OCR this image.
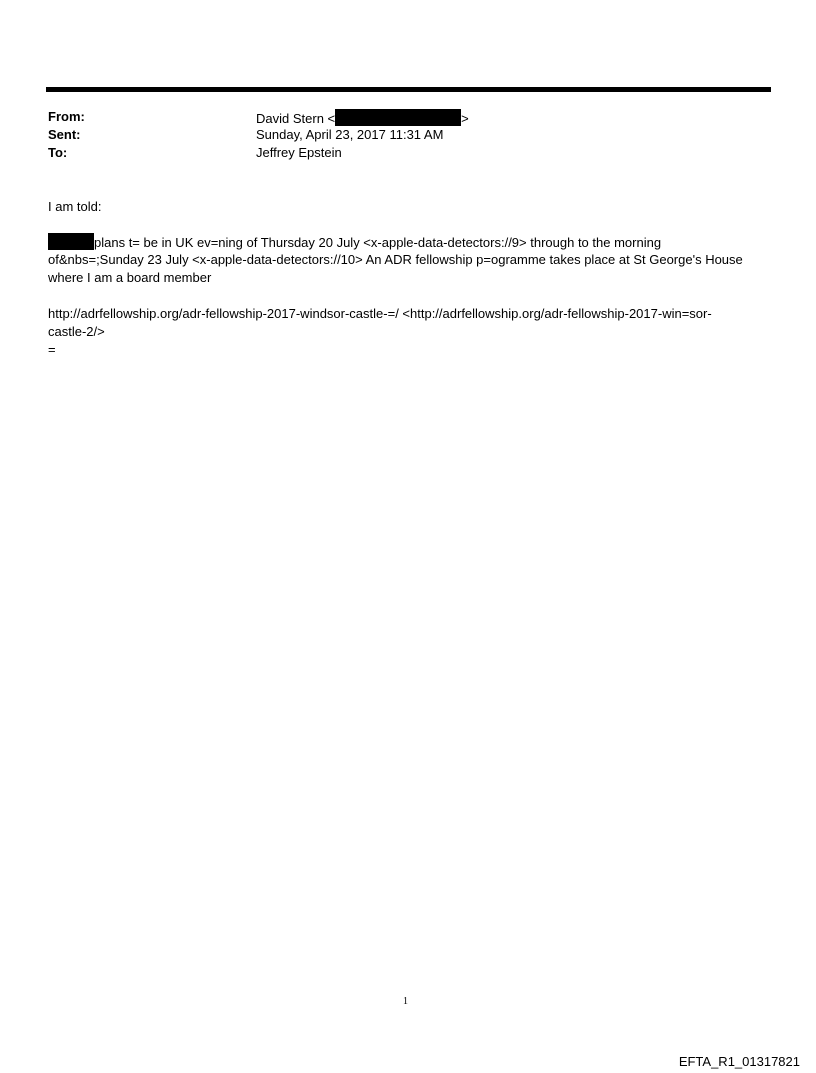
From:	David Stern <	>
Sent:	Sunday, April 23, 2017 11:31 AM
To:	Jeffrey Epstein
I am told:
plans t= be in UK ev=ning of Thursday 20 July <x-apple-data-detectors://9> through to the morning
of&nbs=;Sunday 23 July <x-apple-data-detectors://10> An ADR fellowship p=ogramme takes place at St George's House
where I am a board member
http://adrfellowship.org/adr-fellowship-2017-windsor-castle-=/ <http://adrfellowship.org/adr-fellowship-2017-win=sor-
castle-2/>
=
1
EFTA_R1_01317821
